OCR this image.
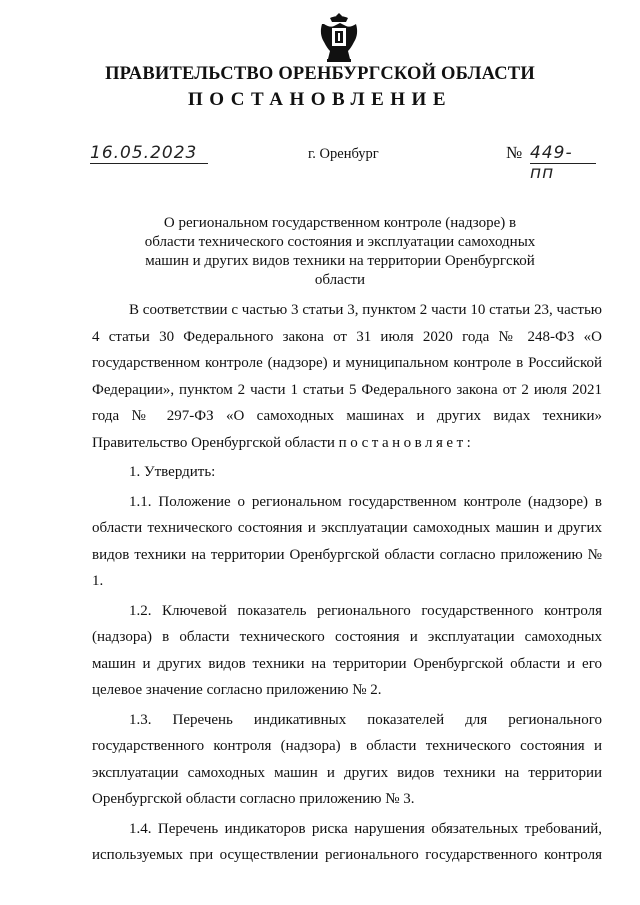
ПРАВИТЕЛЬСТВО ОРЕНБУРГСКОЙ ОБЛАСТИ
ПОСТАНОВЛЕНИЕ
16.05.2023	г. Оренбург	№ 449-пп
О региональном государственном контроле (надзоре) в области технического состояния и эксплуатации самоходных машин и других видов техники на территории Оренбургской области

В соответствии с частью 3 статьи 3, пунктом 2 части 10 статьи 23, частью 4 статьи 30 Федерального закона от 31 июля 2020 года № 248-ФЗ «О государственном контроле (надзоре) и муниципальном контроле в Российской Федерации», пунктом 2 части 1 статьи 5 Федерального закона от 2 июля 2021 года № 297-ФЗ «О самоходных машинах и других видах техники» Правительство Оренбургской области постановляет:

1. Утвердить:

1.1. Положение о региональном государственном контроле (надзоре) в области технического состояния и эксплуатации самоходных машин и других видов техники на территории Оренбургской области согласно приложению № 1.

1.2. Ключевой показатель регионального государственного контроля (надзора) в области технического состояния и эксплуатации самоходных машин и других видов техники на территории Оренбургской области и его целевое значение согласно приложению № 2.

1.3. Перечень индикативных показателей для регионального государственного контроля (надзора) в области технического состояния и эксплуатации самоходных машин и других видов техники на территории Оренбургской области согласно приложению № 3.

1.4. Перечень индикаторов риска нарушения обязательных требований, используемых при осуществлении регионального государственного контроля
